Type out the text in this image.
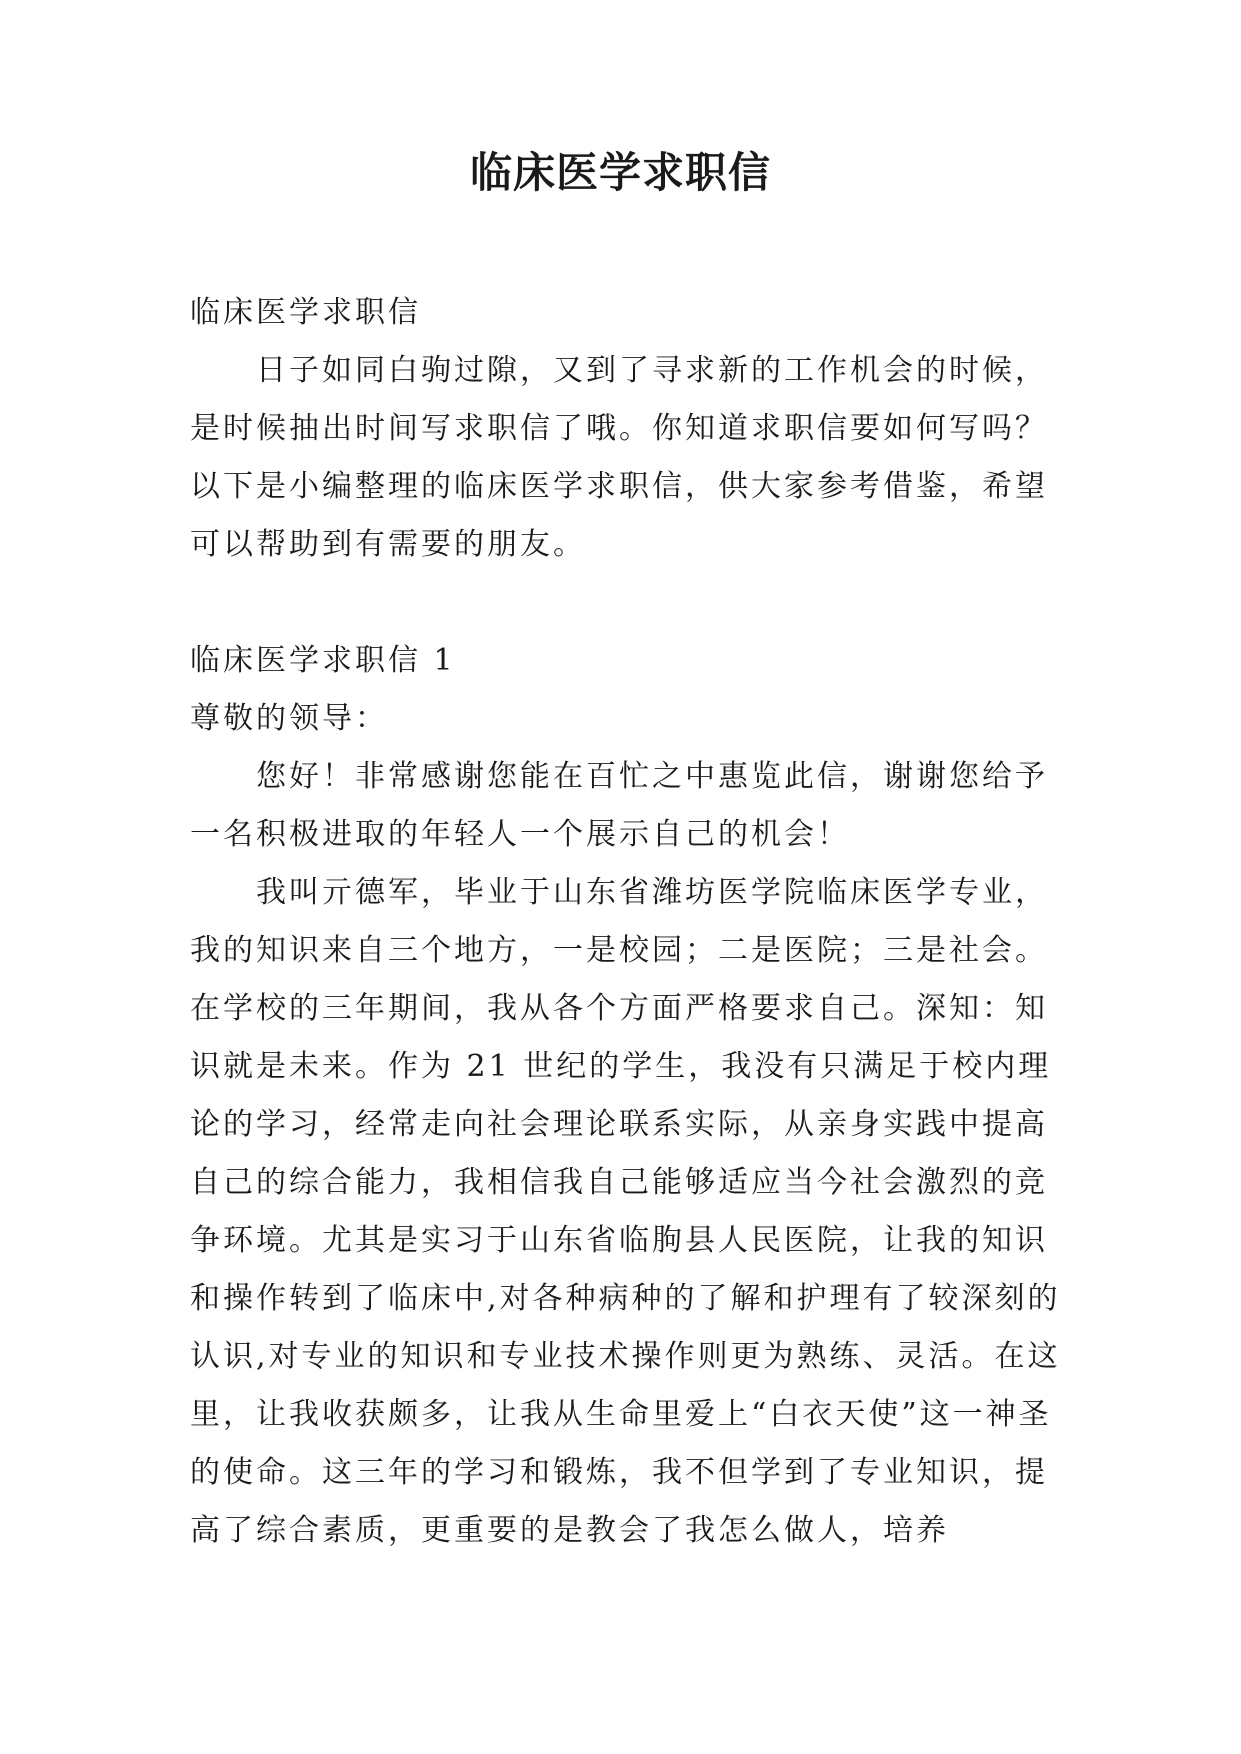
临床医学求职信

临床医学求职信

日子如同白驹过隙，又到了寻求新的工作机会的时候，是时候抽出时间写求职信了哦。你知道求职信要如何写吗？以下是小编整理的临床医学求职信，供大家参考借鉴，希望可以帮助到有需要的朋友。

临床医学求职信 1

尊敬的领导：

您好！非常感谢您能在百忙之中惠览此信，谢谢您给予一名积极进取的年轻人一个展示自己的机会！

我叫亓德军，毕业于山东省潍坊医学院临床医学专业，我的知识来自三个地方，一是校园；二是医院；三是社会。在学校的三年期间，我从各个方面严格要求自己。深知：知识就是未来。作为 21 世纪的学生，我没有只满足于校内理论的学习，经常走向社会理论联系实际，从亲身实践中提高自己的综合能力，我相信我自己能够适应当今社会激烈的竞争环境。尤其是实习于山东省临朐县人民医院，让我的知识和操作转到了临床中,对各种病种的了解和护理有了较深刻的认识,对专业的知识和专业技术操作则更为熟练、灵活。在这里，让我收获颇多，让我从生命里爱上“白衣天使”这一神圣的使命。这三年的学习和锻炼，我不但学到了专业知识，提高了综合素质，更重要的是教会了我怎么做人，培养
